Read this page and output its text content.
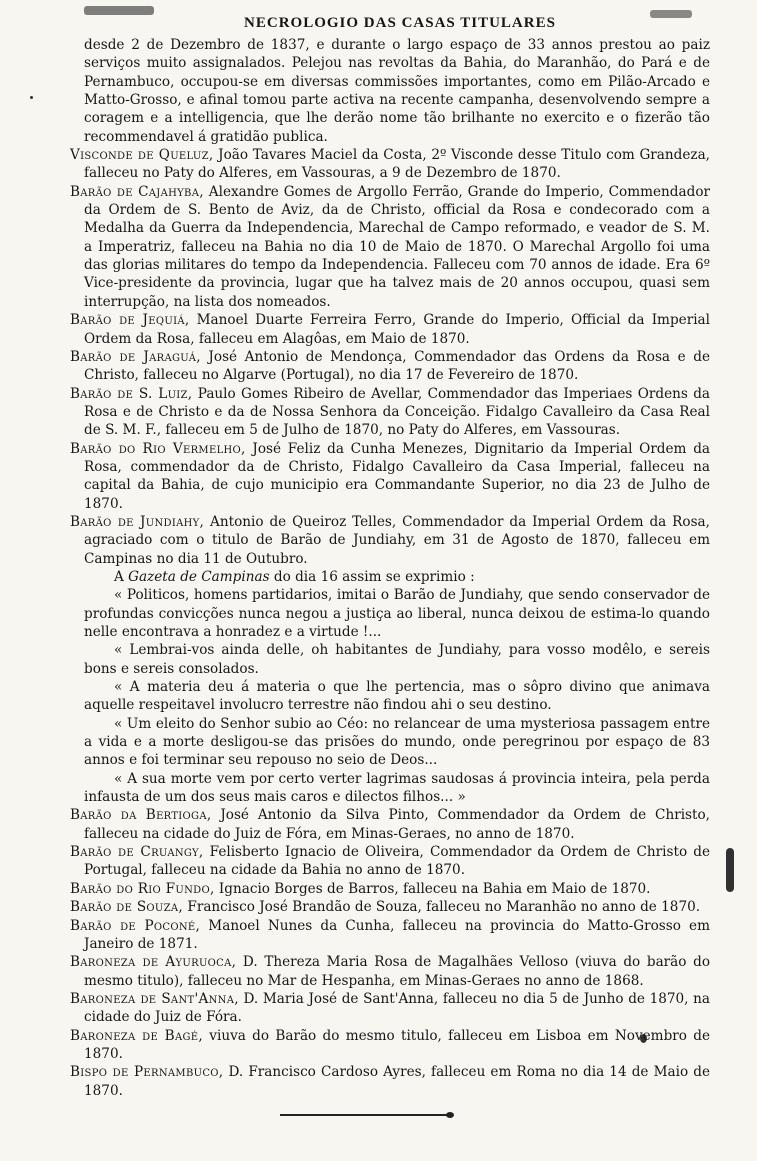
NECROLOGIO DAS CASAS TITULARES

desde 2 de Dezembro de 1837, e durante o largo espaço de 33 annos prestou ao paiz serviços muito assignalados. Pelejou nas revoltas da Bahia, do Maranhão, do Pará e de Pernambuco, occupou-se em diversas commissões importantes, como em Pilão-Arcado e Matto-Grosso, e afinal tomou parte activa na recente campanha, desenvolvendo sempre a coragem e a intelligencia, que lhe derão nome tão brilhante no exercito e o fizerão tão recommendavel á gratidão publica.

Visconde de Queluz, João Tavares Maciel da Costa, 2º Visconde desse Titulo com Grandeza, falleceu no Paty do Alferes, em Vassouras, a 9 de Dezembro de 1870.

Barão de Cajahyba, Alexandre Gomes de Argollo Ferrão, Grande do Imperio, Commendador da Ordem de S. Bento de Aviz, da de Christo, official da Rosa e condecorado com a Medalha da Guerra da Independencia, Marechal de Campo reformado, e veador de S. M. a Imperatriz, falleceu na Bahia no dia 10 de Maio de 1870. O Marechal Argollo foi uma das glorias militares do tempo da Independencia. Falleceu com 70 annos de idade. Era 6º Vice-presidente da provincia, lugar que ha talvez mais de 20 annos occupou, quasi sem interrupção, na lista dos nomeados.

Barão de Jequiá, Manoel Duarte Ferreira Ferro, Grande do Imperio, Official da Imperial Ordem da Rosa, falleceu em Alagôas, em Maio de 1870.

Barão de Jaraguá, José Antonio de Mendonça, Commendador das Ordens da Rosa e de Christo, falleceu no Algarve (Portugal), no dia 17 de Fevereiro de 1870.

Barão de S. Luiz, Paulo Gomes Ribeiro de Avellar, Commendador das Imperiaes Ordens da Rosa e de Christo e da de Nossa Senhora da Conceição. Fidalgo Cavalleiro da Casa Real de S. M. F., falleceu em 5 de Julho de 1870, no Paty do Alferes, em Vassouras.

Barão do Rio Vermelho, José Feliz da Cunha Menezes, Dignitario da Imperial Ordem da Rosa, commendador da de Christo, Fidalgo Cavalleiro da Casa Imperial, falleceu na capital da Bahia, de cujo municipio era Commandante Superior, no dia 23 de Julho de 1870.

Barão de Jundiahy, Antonio de Queiroz Telles, Commendador da Imperial Ordem da Rosa, agraciado com o titulo de Barão de Jundiahy, em 31 de Agosto de 1870, falleceu em Campinas no dia 11 de Outubro.

A Gazeta de Campinas do dia 16 assim se exprimio :

« Politicos, homens partidarios, imitai o Barão de Jundiahy, que sendo conservador de profundas convicções nunca negou a justiça ao liberal, nunca deixou de estima-lo quando nelle encontrava a honradez e a virtude !...

« Lembrai-vos ainda delle, oh habitantes de Jundiahy, para vosso modêlo, e sereis bons e sereis consolados.

« A materia deu á materia o que lhe pertencia, mas o sôpro divino que animava aquelle respeitavel involucro terrestre não findou ahi o seu destino.

« Um eleito do Senhor subio ao Céo: no relancear de uma mysteriosa passagem entre a vida e a morte desligou-se das prisões do mundo, onde peregrinou por espaço de 83 annos e foi terminar seu repouso no seio de Deos...

« A sua morte vem por certo verter lagrimas saudosas á provincia inteira, pela perda infausta de um dos seus mais caros e dilectos filhos... »

Barão da Bertioga, José Antonio da Silva Pinto, Commendador da Ordem de Christo, falleceu na cidade do Juiz de Fóra, em Minas-Geraes, no anno de 1870.

Barão de Cruangy, Felisberto Ignacio de Oliveira, Commendador da Ordem de Christo de Portugal, falleceu na cidade da Bahia no anno de 1870.

Barão do Rio Fundo, Ignacio Borges de Barros, falleceu na Bahia em Maio de 1870.

Barão de Souza, Francisco José Brandão de Souza, falleceu no Maranhão no anno de 1870.

Barão de Poconé, Manoel Nunes da Cunha, falleceu na provincia do Matto-Grosso em Janeiro de 1871.

Baroneza de Ayuruoca, D. Thereza Maria Rosa de Magalhães Velloso (viuva do barão do mesmo titulo), falleceu no Mar de Hespanha, em Minas-Geraes no anno de 1868.

Baroneza de Sant'Anna, D. Maria José de Sant'Anna, falleceu no dia 5 de Junho de 1870, na cidade do Juiz de Fóra.

Baroneza de Bagé, viuva do Barão do mesmo titulo, falleceu em Lisboa em Novembro de 1870.

Bispo de Pernambuco, D. Francisco Cardoso Ayres, falleceu em Roma no dia 14 de Maio de 1870.
